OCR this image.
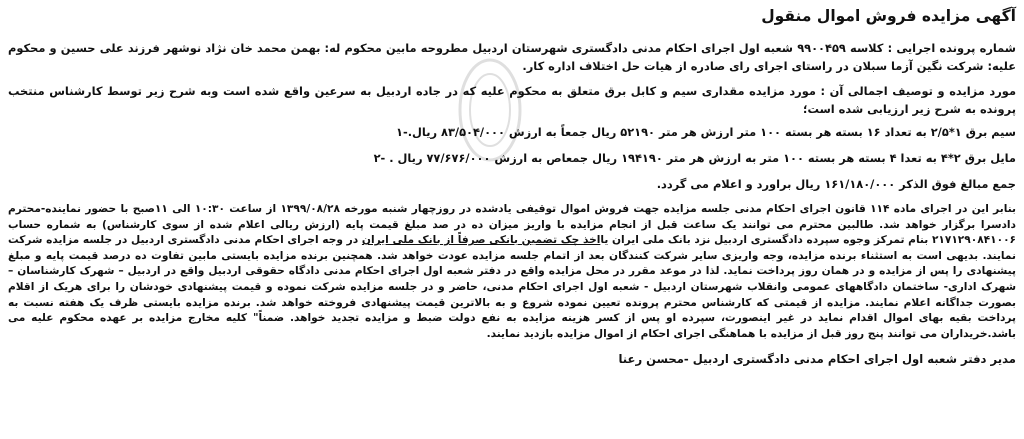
آگهی مزایده فروش اموال منقول

شماره پرونده اجرایی : کلاسه ۹۹۰۰۴۵۹ شعبه اول اجرای احکام مدنی دادگستری شهرستان اردبیل مطروحه مابین محکوم له: بهمن محمد خان نژاد نوشهر فرزند علی حسین و محکوم علیه: شرکت نگین آزما سبلان در راستای اجرای رای صادره از هیات حل اختلاف اداره کار.

مورد مزایده و توصیف اجمالی آن : مورد مزایده مقداری سیم و کابل برق متعلق به محکوم علیه که در جاده اردبیل به سرعین واقع شده است وبه شرح زیر توسط کارشناس منتخب پرونده به شرح زیر ارزیابی شده است؛

سیم برق ۱*۲/۵ به تعداد ۱۶ بسته هر بسته ۱۰۰ متر ارزش هر متر ۵۲۱۹۰ ریال جمعاً به ارزش ۸۳/۵۰۴/۰۰۰ ریال.-۱
مایل برق ۲*۴ به تعدا ۴ بسته هر بسته ۱۰۰ متر به ارزش هر متر ۱۹۴۱۹۰ ریال جمعاص به ارزش ۷۷/۶۷۶/۰۰۰ ریال . -۲
جمع مبالغ فوق الذکر ۱۶۱/۱۸۰/۰۰۰ ریال براورد و اعلام می گردد.

بنابر این در اجرای ماده ۱۱۴ قانون اجرای احکام مدنی جلسه مزایده جهت فروش اموال توقیفی یادشده در روزچهار شنبه مورخه ۱۳۹۹/۰۸/۲۸ از ساعت ۱۰:۳۰ الی ۱۱صبح با حضور نماینده-محترم دادسرا برگزار خواهد شد. طالبین محترم می توانند یک ساعت قبل از انجام مزایده با واریز میزان ده در صد مبلغ قیمت پایه (ارزش ریالی اعلام شده از سوی کارشناس) به شماره حساب ۲۱۷۱۲۹۰۸۴۱۰۰۶ بنام تمرکز وجوه سپرده دادگستری اردبیل نزد بانک ملی ایران یااخذ چک تضمین بانکی صرفاً از بانک ملی ایران در وجه اجرای احکام مدنی دادگستری اردبیل در جلسه مزایده شرکت نمایند. بدیهی است به استثناء برنده مزایده، وجه واریزی سایر شرکت کنندگان بعد از اتمام جلسه مزایده عودت خواهد شد. همچنین برنده مزایده بایستی مابین تفاوت ده درصد قیمت پایه و مبلغ پیشنهادی را پس از مزایده و در همان روز پرداخت نماید. لذا در موعد مقرر در محل مزایده واقع در دفتر شعبه اول اجرای احکام مدنی دادگاه حقوقی اردبیل واقع در اردبیل – شهرک کارشناسان – شهرک اداری- ساختمان دادگاههای عمومی وانقلاب شهرستان اردبیل - شعبه اول اجرای احکام مدنی، حاضر و در جلسه مزایده شرکت نموده و قیمت پیشنهادی خودشان را برای هریک از اقلام بصورت جداگانه اعلام نمایند. مزایده از قیمتی که کارشناس محترم پرونده تعیین نموده شروع و به بالاترین قیمت پیشنهادی فروخته خواهد شد. برنده مزایده بایستی ظرف یک هفته نسبت به پرداخت بقیه بهای اموال اقدام نماید در غیر اینصورت، سپرده او پس از کسر هزینه مزایده به نفع دولت ضبط و مزایده تجدید خواهد. ضمناً" کلیه مخارج مزایده بر عهده محکوم علیه می باشد.خریداران می توانند پنج روز قبل از مزایده با هماهنگی اجرای احکام از اموال مزایده بازدید نمایند.

مدیر دفتر شعبه اول اجرای احکام مدنی دادگستری اردبیل -محسن رعنا
